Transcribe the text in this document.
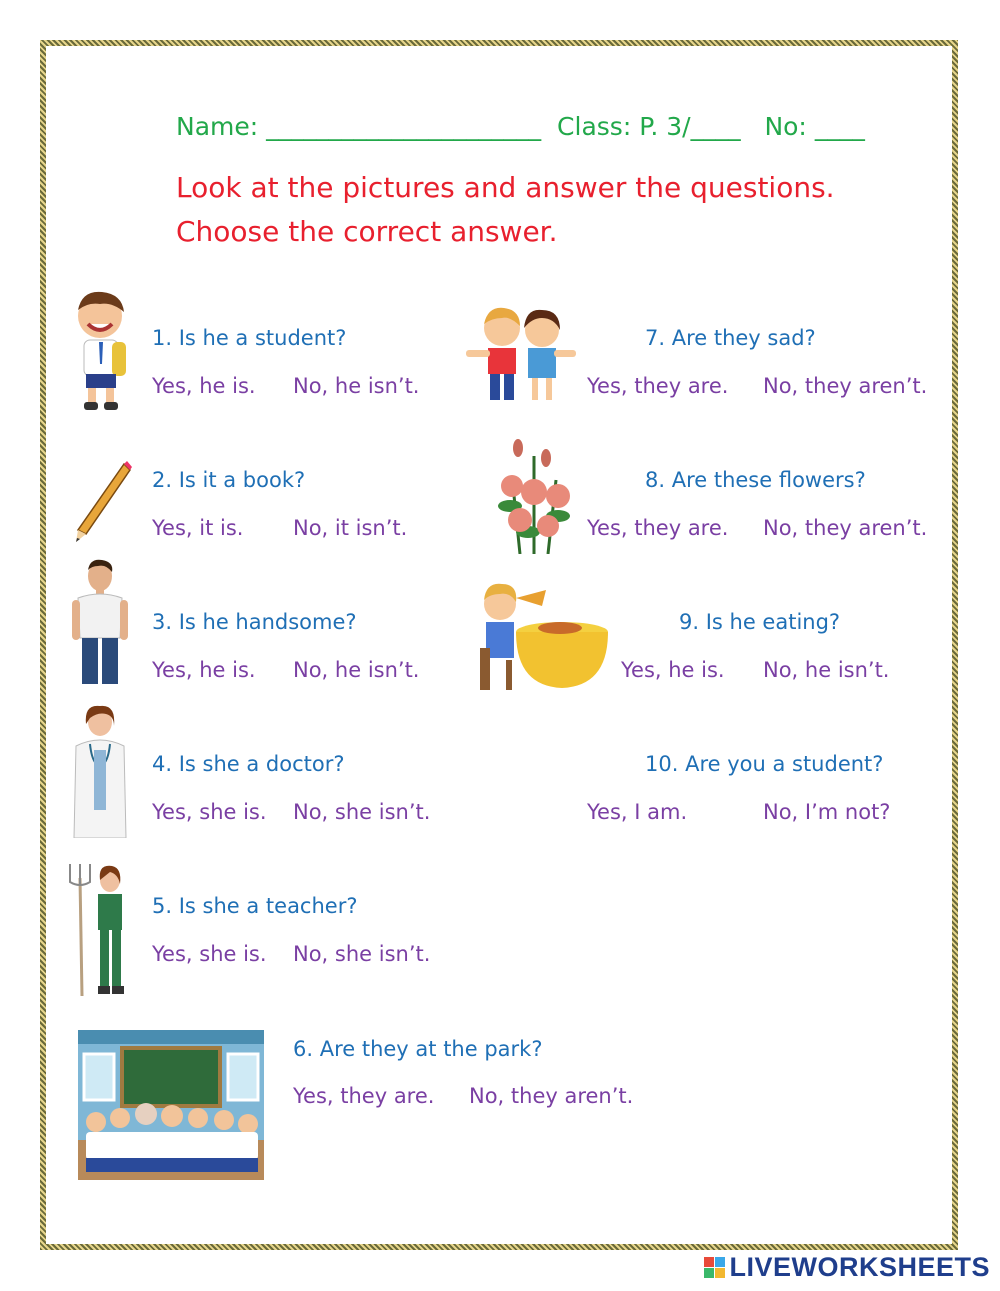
Name: ______________________ Class: P. 3/____ No: ____
Look at the pictures and answer the questions. Choose the correct answer.
1. Is he a student?
Yes, he is. No, he isn’t.
2. Is it a book?
Yes, it is. No, it isn’t.
3. Is he handsome?
Yes, he is. No, he isn’t.
4. Is she a doctor?
Yes, she is. No, she isn’t.
5. Is she a teacher?
Yes, she is. No, she isn’t.
6. Are they at the park?
Yes, they are. No, they aren’t.
7. Are they sad?
Yes, they are. No, they aren’t.
8. Are these flowers?
Yes, they are. No, they aren’t.
9. Is he eating?
Yes, he is. No, he isn’t.
10. Are you a student?
Yes, I am.	No, I’m not?
LIVEWORKSHEETS
